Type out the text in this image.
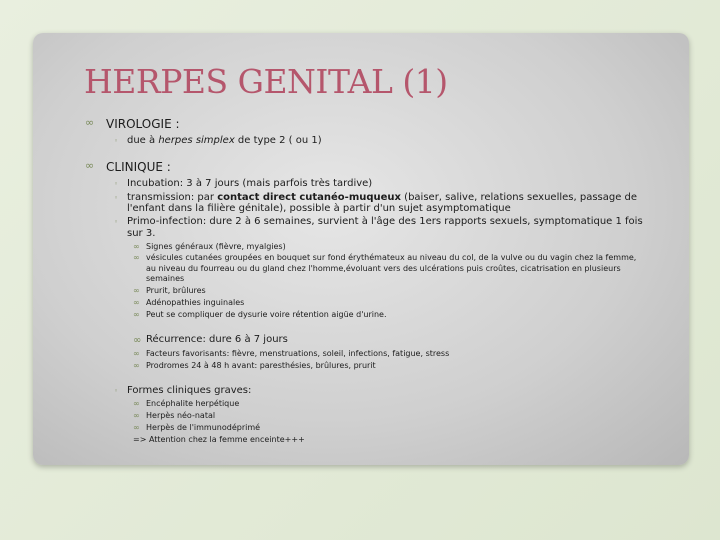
HERPES GENITAL (1)
∞ VIROLOGIE :
◦ due à herpes simplex de type 2 ( ou 1)
∞ CLINIQUE :
◦ Incubation: 3 à 7 jours (mais parfois très tardive)
◦ transmission: par contact direct cutanéo-muqueux (baiser, salive, relations sexuelles, passage de
l'enfant dans la filière génitale), possible à partir d'un sujet asymptomatique
◦ Primo-infection: dure 2 à 6 semaines, survient à l'âge des 1ers rapports sexuels, symptomatique 1 fois
sur 3.
∞ Signes généraux (fièvre, myalgies)
∞ vésicules cutanées groupées en bouquet sur fond érythémateux au niveau du col, de la vulve ou du vagin chez la femme,
au niveau du fourreau ou du gland chez l'homme,évoluant vers des ulcérations puis croûtes, cicatrisation en plusieurs
semaines
∞ Prurit, brûlures
∞ Adénopathies inguinales
∞ Peut se compliquer de dysurie voire rétention aigüe d'urine.
∞ Récurrence: dure 6 à 7 jours
∞ Facteurs favorisants: fièvre, menstruations, soleil, infections, fatigue, stress
∞ Prodromes 24 à 48 h avant: paresthésies, brûlures, prurit
◦ Formes cliniques graves:
∞ Encéphalite herpétique
∞ Herpès néo-natal
∞ Herpès de l'immunodéprimé
=> Attention chez la femme enceinte+++
